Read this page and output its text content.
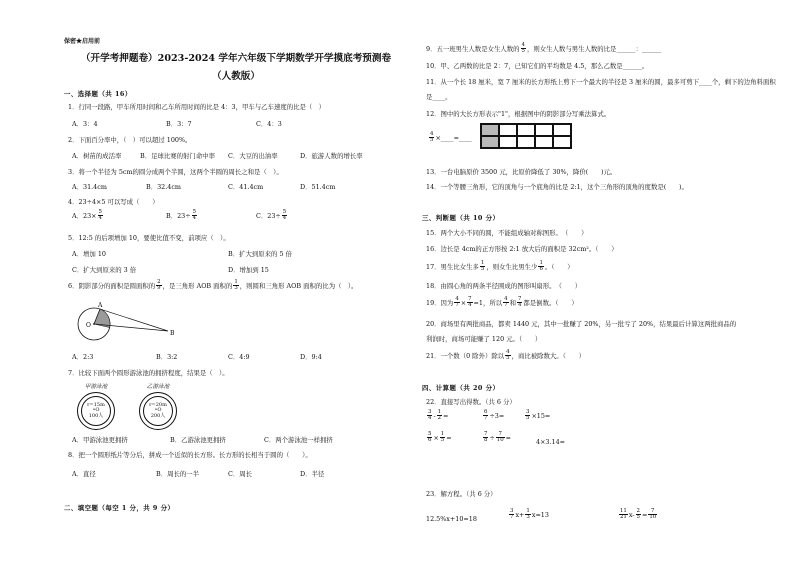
保密★启用前
（开学考押题卷）2023-2024 学年六年级下学期数学开学摸底考预测卷（人教版）
一、选择题（共 16）
1．行同一段路，甲车所用时间和乙车所用时间的比是 4：3，甲车与乙车速度的比是（　）
A．3：4	B．3：7	C．4：3
2．下面百分率中，（　）可以超过 100%。
A．树苗的成活率	B．足球比赛的射门命中率 C．大豆的出油率	D．旅游人数的增长率
3．将一个半径为 5cm的圆分成两个半圆，这两个半圆的周长之和是（　）。
A．31.4cm	B．32.4cm	C．41.4cm	D．51.4cm
4．23÷4×5 可以写成（　　）
A．$23\times \frac{5}{4}$	B．$23\div \frac{5}{4}$	C．$23\div \frac{5}{4}$
5．12:5 的后项增加 10，要使比值不变，前项应（　）。
A．增加 10	B．扩大到原来的 5 倍
C．扩大到原来的 3 倍	D．增加到 15
6．阴影部分的面积是圆面积的 $\frac{2}{9}$ ，是三角形 AOB 面积的 $\frac{1}{3}$ ，则圆和三角形 AOB 面积的比为（　）。
A
O
B
A．2:3	B．3:2	C．4:9	D．9:4
7．比较下面两个圆形游泳池的拥挤程度，结果是（　）。
甲游泳池
r=15m
•O
100人
乙游泳池
r=20m
•O
200人
A．甲游泳池更拥挤	B．乙游泳池更拥挤	C．两个游泳池一样拥挤
8．把一个圆形纸片等分后，拼成一个近似的长方形。长方形的长相当于圆的（　　）。
A．直径	B．周长的一半	C．周长	D．半径
二、填空题（每空 1 分，共 9 分）
9．五一班男生人数是女生人数的 $\frac{4}{5}$ ，则女生人数与男生人数的比是______：______
10．甲、乙两数的比是 2：7，已知它们的平均数是 4.5，那么乙数是______。
11．从一个长 18 厘米，宽 7 厘米的长方形纸上剪下一个最大的半径是 3 厘米的圆，最多可剪下____个，剩下的边角料面积
是____。
12．图中的大长方形表示"1"，根据图中的阴影部分写乘法算式。
$\frac{4}{5}$ ×____=____
13．一台电脑原价 3500 元，比原价降低了 30%，降价(　　)元。
14．一个等腰三角形，它的顶角与一个底角的比是 2:1，这个三角形的顶角的度数是(　　)。
三、判断题（共 10 分）
15．两个大小不同的圆，不能组成轴对称图形。　（　　）
16．边长是 4cm的正方形按 2:1 放大后的面积是 32cm²。（　　）
17．男生比女生多 $\frac{1}{5}$ ，则女生比男生少 $\frac{1}{6}$ 。（　　）
18．由圆心角的两条半径围成的图形叫扇形。　（　　）
19．因为 $\frac{4}{7} \times \frac{7}{4} =1$，所以 $\frac{4}{7}$ 和 $\frac{7}{4}$ 都是倒数。（　　）
20．商场里有两批商品，都卖 1440 元，其中一批赚了 20%，另一批亏了 20%，结果最后计算这两批商品的
利润时，商场可能赚了 120 元。（　　）
21．一个数（0 除外）除以 $\frac{4}{5}$ ，商比被除数大。（　　）
四、计算题（共 20 分）
22．直接写出得数。（共 6 分）
$\frac{3}{4} - \frac{1}{2}$ =	$\frac{6}{7} \div 3=$	$\frac{3}{5} \times 15=$
$\frac{5}{6} \times \frac{1}{5}$ =	$\frac{7}{8} \div \frac{7}{10}$ =
4×3.14=
23．解方程。（共 6 分）
12.5%x+10=18	$\frac{3}{7} x+ \frac{1}{3} x=13$	$\frac{11}{21} x- \frac{2}{5} = \frac{7}{10}$
